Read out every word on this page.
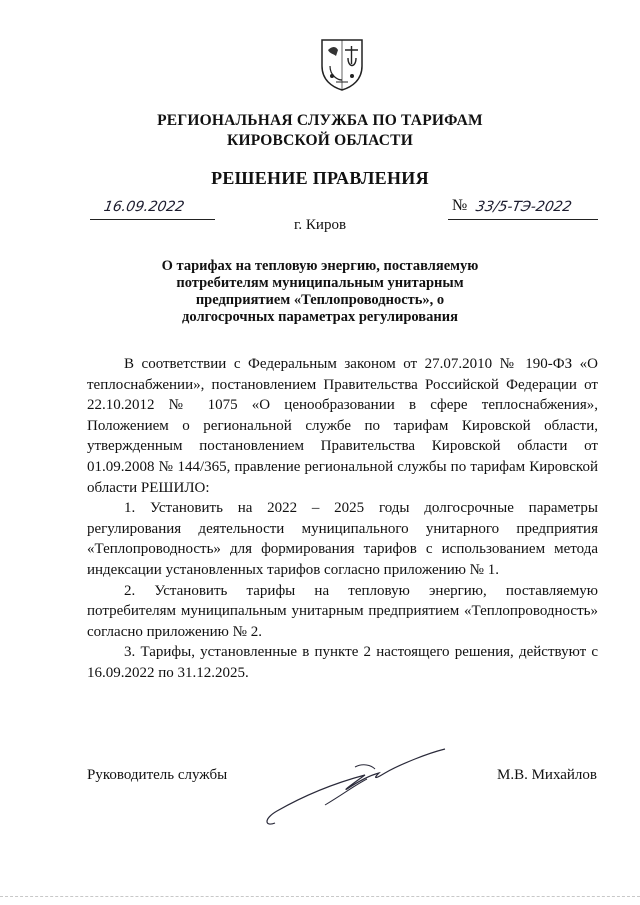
РЕГИОНАЛЬНАЯ СЛУЖБА ПО ТАРИФАМ
КИРОВСКОЙ ОБЛАСТИ
РЕШЕНИЕ ПРАВЛЕНИЯ
16.09.2022	№ 33/5-ТЭ-2022
г. Киров
О тарифах на тепловую энергию, поставляемую потребителям муниципальным унитарным предприятием «Теплопроводность», о долгосрочных параметрах регулирования

В соответствии с Федеральным законом от 27.07.2010 № 190-ФЗ «О теплоснабжении», постановлением Правительства Российской Федерации от 22.10.2012 № 1075 «О ценообразовании в сфере теплоснабжения», Положением о региональной службе по тарифам Кировской области, утвержденным постановлением Правительства Кировской области от 01.09.2008 № 144/365, правление региональной службы по тарифам Кировской области РЕШИЛО:

1. Установить на 2022 – 2025 годы долгосрочные параметры регулирования деятельности муниципального унитарного предприятия «Теплопроводность» для формирования тарифов с использованием метода индексации установленных тарифов согласно приложению № 1.

2. Установить тарифы на тепловую энергию, поставляемую потребителям муниципальным унитарным предприятием «Теплопроводность» согласно приложению № 2.

3. Тарифы, установленные в пункте 2 настоящего решения, действуют с 16.09.2022 по 31.12.2025.

Руководитель службы	М.В. Михайлов
